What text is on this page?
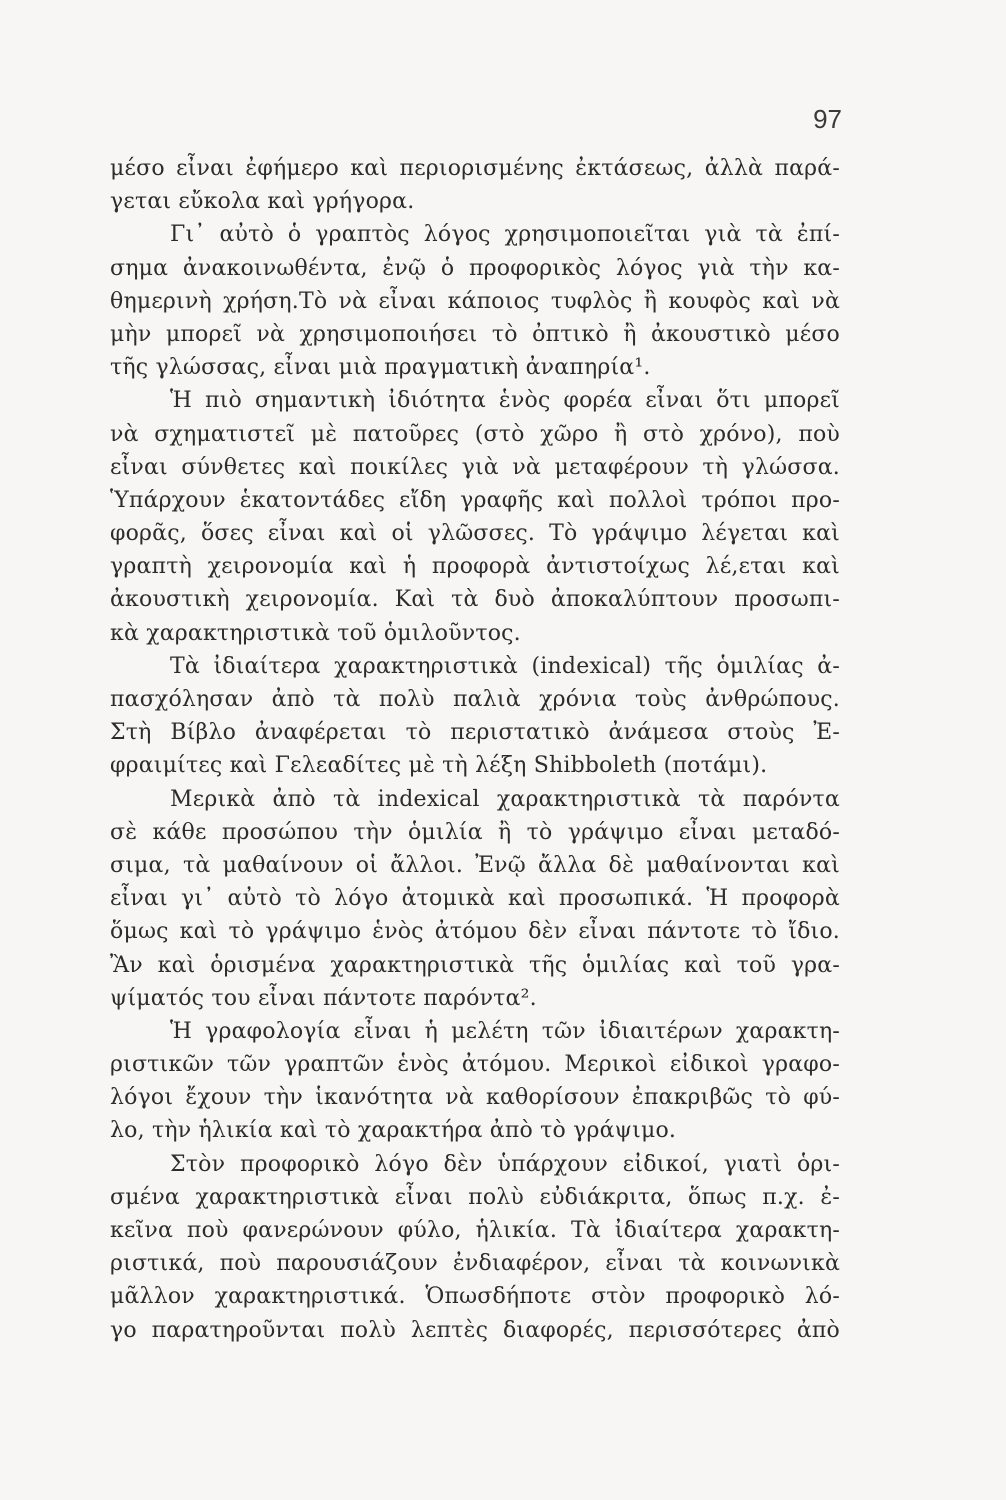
97
μέσο εἶναι ἐφήμερο καὶ περιορισμένης ἐκτάσεως, ἀλλὰ παρά-
γεται εὔκολα καὶ γρήγορα.
Γι᾽ αὐτὸ ὁ γραπτὸς λόγος χρησιμοποιεῖται γιὰ τὰ ἐπί-
σημα ἀνακοινωθέντα, ἐνῷ ὁ προφορικὸς λόγος γιὰ τὴν κα-
θημερινὴ χρήση.Τὸ νὰ εἶναι κάποιος τυφλὸς ἢ κουφὸς καὶ νὰ
μὴν μπορεῖ νὰ χρησιμοποιήσει τὸ ὀπτικὸ ἢ ἀκουστικὸ μέσο
τῆς γλώσσας, εἶναι μιὰ πραγματικὴ ἀναπηρία¹.
Ἡ πιὸ σημαντικὴ ἰδιότητα ἑνὸς φορέα εἶναι ὅτι μπορεῖ
νὰ σχηματιστεῖ μὲ πατοῦρες (στὸ χῶρο ἢ στὸ χρόνο), ποὺ
εἶναι σύνθετες καὶ ποικίλες γιὰ νὰ μεταφέρουν τὴ γλώσσα.
Ὑπάρχουν ἑκατοντάδες εἴδη γραφῆς καὶ πολλοὶ τρόποι προ-
φορᾶς, ὅσες εἶναι καὶ οἱ γλῶσσες. Τὸ γράψιμο λέγεται καὶ
γραπτὴ χειρονομία καὶ ἡ προφορὰ ἀντιστοίχως λέ,εται καὶ
ἀκουστικὴ χειρονομία. Καὶ τὰ δυὸ ἀποκαλύπτουν προσωπι-
κὰ χαρακτηριστικὰ τοῦ ὁμιλοῦντος.
Τὰ ἰδιαίτερα χαρακτηριστικὰ (indexical) τῆς ὁμιλίας ἀ-
πασχόλησαν ἀπὸ τὰ πολὺ παλιὰ χρόνια τοὺς ἀνθρώπους.
Στὴ Βίβλο ἀναφέρεται τὸ περιστατικὸ ἀνάμεσα στοὺς Ἐ-
φραιμίτες καὶ Γελεαδίτες μὲ τὴ λέξη Shibboleth (ποτάμι).
Μερικὰ ἀπὸ τὰ indexical χαρακτηριστικὰ τὰ παρόντα
σὲ κάθε προσώπου τὴν ὁμιλία ἢ τὸ γράψιμο εἶναι μεταδό-
σιμα, τὰ μαθαίνουν οἱ ἄλλοι. Ἐνῷ ἄλλα δὲ μαθαίνονται καὶ
εἶναι γι᾽ αὐτὸ τὸ λόγο ἀτομικὰ καὶ προσωπικά. Ἡ προφορὰ
ὅμως καὶ τὸ γράψιμο ἑνὸς ἀτόμου δὲν εἶναι πάντοτε τὸ ἴδιο.
Ἂν καὶ ὁρισμένα χαρακτηριστικὰ τῆς ὁμιλίας καὶ τοῦ γρα-
ψίματός του εἶναι πάντοτε παρόντα².
Ἡ γραφολογία εἶναι ἡ μελέτη τῶν ἰδιαιτέρων χαρακτη-
ριστικῶν τῶν γραπτῶν ἑνὸς ἀτόμου. Μερικοὶ εἰδικοὶ γραφο-
λόγοι ἔχουν τὴν ἱκανότητα νὰ καθορίσουν ἐπακριβῶς τὸ φύ-
λο, τὴν ἡλικία καὶ τὸ χαρακτήρα ἀπὸ τὸ γράψιμο.
Στὸν προφορικὸ λόγο δὲν ὑπάρχουν εἰδικοί, γιατὶ ὁρι-
σμένα χαρακτηριστικὰ εἶναι πολὺ εὐδιάκριτα, ὅπως π.χ. ἐ-
κεῖνα ποὺ φανερώνουν φύλο, ἡλικία. Τὰ ἰδιαίτερα χαρακτη-
ριστικά, ποὺ παρουσιάζουν ἐνδιαφέρον, εἶναι τὰ κοινωνικὰ
μᾶλλον χαρακτηριστικά. Ὁπωσδήποτε στὸν προφορικὸ λό-
γο παρατηροῦνται πολὺ λεπτὲς διαφορές, περισσότερες ἀπὸ
